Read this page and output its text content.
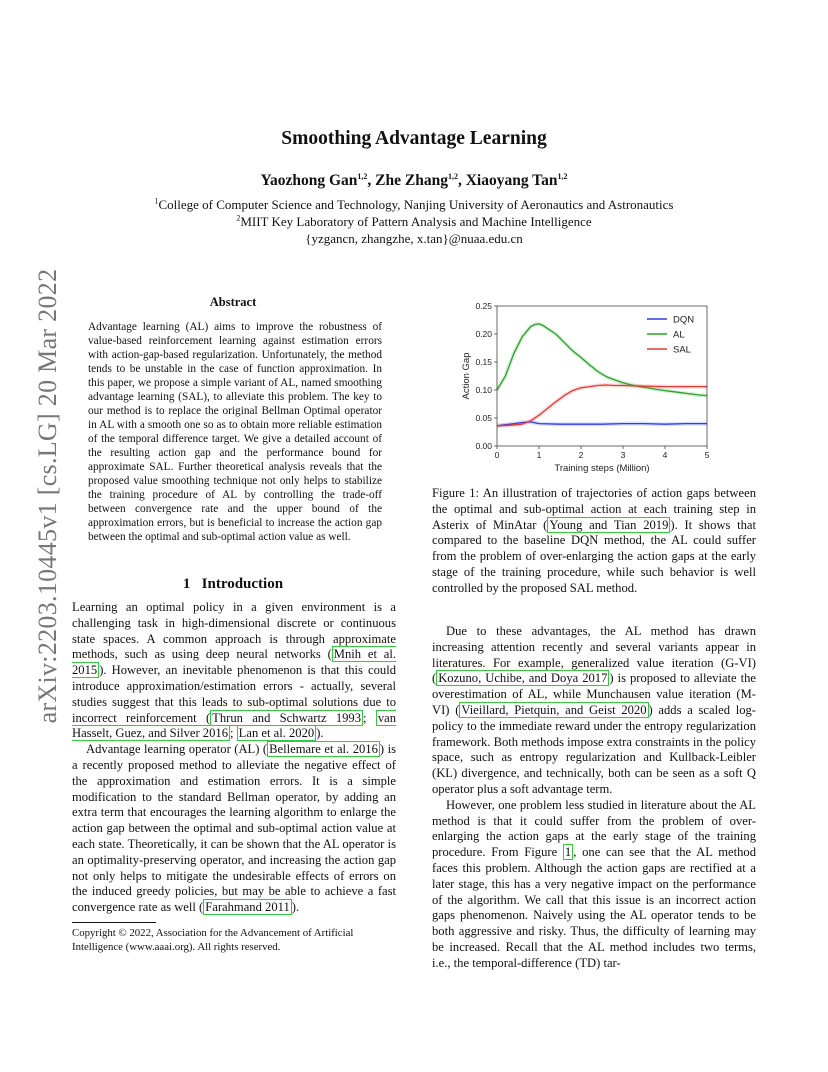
arXiv:2203.10445v1 [cs.LG] 20 Mar 2022
Smoothing Advantage Learning
Yaozhong Gan$^{1,2}$, Zhe Zhang$^{1,2}$, Xiaoyang Tan$^{1,2}$
$^1$College of Computer Science and Technology, Nanjing University of Aeronautics and Astronautics
$^2$MIIT Key Laboratory of Pattern Analysis and Machine Intelligence
{yzgancn, zhangzhe, x.tan}@nuaa.edu.cn
Abstract
Advantage learning (AL) aims to improve the robustness of value-based reinforcement learning against estimation errors with action-gap-based regularization. Unfortunately, the method tends to be unstable in the case of function approximation. In this paper, we propose a simple variant of AL, named smoothing advantage learning (SAL), to alleviate this problem. The key to our method is to replace the original Bellman Optimal operator in AL with a smooth one so as to obtain more reliable estimation of the temporal difference target. We give a detailed account of the resulting action gap and the performance bound for approximate SAL. Further theoretical analysis reveals that the proposed value smoothing technique not only helps to stabilize the training procedure of AL by controlling the trade-off between convergence rate and the upper bound of the approximation errors, but is beneficial to increase the action gap between the optimal and sub-optimal action value as well.
1 Introduction

Learning an optimal policy in a given environment is a challenging task in high-dimensional discrete or continuous state spaces. A common approach is through approximate methods, such as using deep neural networks ( Mnih et al. 2015 ). However, an inevitable phenomenon is that this could introduce approximation/estimation errors - actually, several studies suggest that this leads to sub-optimal solutions due to incorrect reinforcement ( Thrun and Schwartz 1993 ; van Hasselt, Guez, and Silver 2016 ; Lan et al. 2020 ).

Advantage learning operator (AL) ( Bellemare et al. 2016 ) is a recently proposed method to alleviate the negative effect of the approximation and estimation errors. It is a simple modification to the standard Bellman operator, by adding an extra term that encourages the learning algorithm to enlarge the action gap between the optimal and sub-optimal action value at each state. Theoretically, it can be shown that the AL operator is an optimality-preserving operator, and increasing the action gap not only helps to mitigate the undesirable effects of errors on the induced greedy policies, but may be able to achieve a fast convergence rate as well ( Farahmand 2011 ).

Copyright © 2022, Association for the Advancement of Artificial Intelligence (www.aaai.org). All rights reserved.
0.00
0.05
0.10
0.15
0.20
0.25
0	1	2	3	4	5
Training steps (Million)
Action Gap
DQN
AL
SAL
Figure 1: An illustration of trajectories of action gaps between the optimal and sub-optimal action at each training step in Asterix of MinAtar ( Young and Tian 2019 ). It shows that compared to the baseline DQN method, the AL could suffer from the problem of over-enlarging the action gaps at the early stage of the training procedure, while such behavior is well controlled by the proposed SAL method.

Due to these advantages, the AL method has drawn increasing attention recently and several variants appear in literatures. For example, generalized value iteration (G-VI) ( Kozuno, Uchibe, and Doya 2017 ) is proposed to alleviate the overestimation of AL, while Munchausen value iteration (M-VI) ( Vieillard, Pietquin, and Geist 2020 ) adds a scaled log-policy to the immediate reward under the entropy regularization framework. Both methods impose extra constraints in the policy space, such as entropy regularization and Kullback-Leibler (KL) divergence, and technically, both can be seen as a soft Q operator plus a soft advantage term.

However, one problem less studied in literature about the AL method is that it could suffer from the problem of over-enlarging the action gaps at the early stage of the training procedure. From Figure 1 , one can see that the AL method faces this problem. Although the action gaps are rectified at a later stage, this has a very negative impact on the performance of the algorithm. We call that this issue is an incorrect action gaps phenomenon. Naively using the AL operator tends to be both aggressive and risky. Thus, the difficulty of learning may be increased. Recall that the AL method includes two terms, i.e., the temporal-difference (TD) tar-
